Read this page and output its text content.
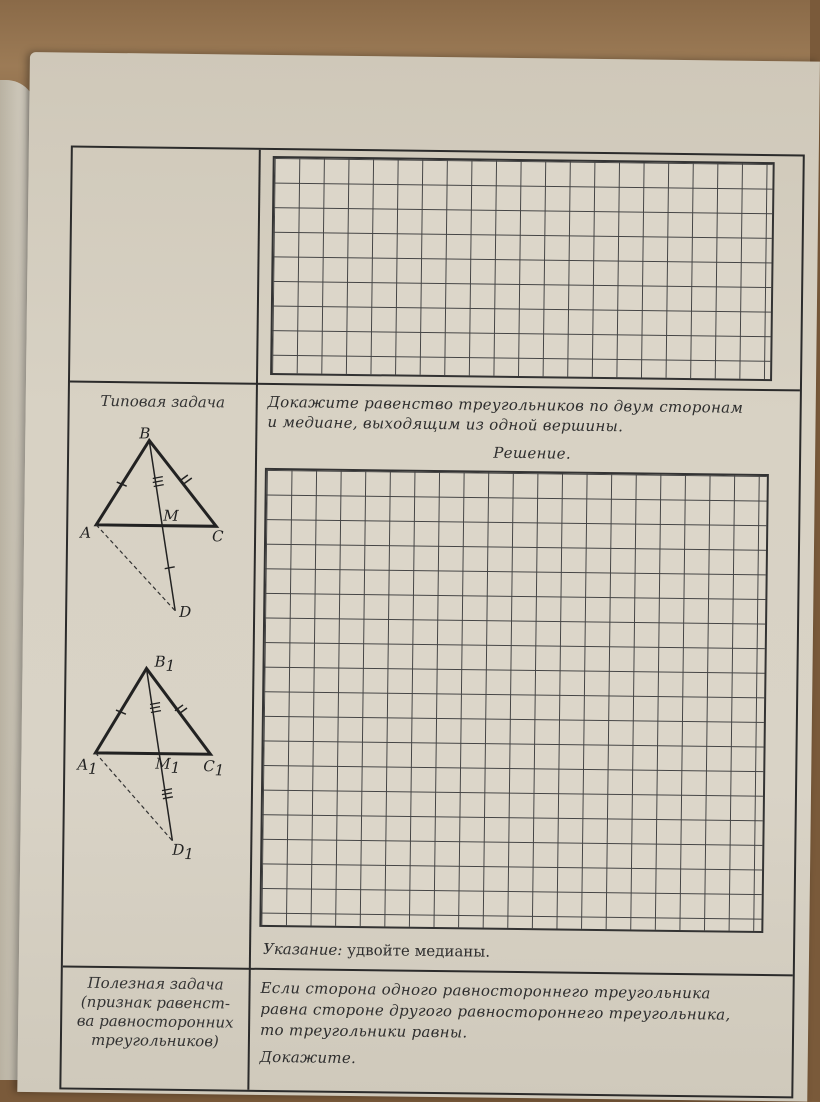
Типовая задача
B
A	C
M
D
B1
A1	C1
M1
D1
Докажите равенство треугольников по двум сторонам
и медиане, выходящим из одной вершины.
Решение.
Указание: удвойте медианы.
Полезная задача
(признак равенст-
ва равносторонних
треугольников)
Если сторона одного равностороннего треугольника
равна стороне другого равностороннего треугольника,
то треугольники равны.
Докажите.
